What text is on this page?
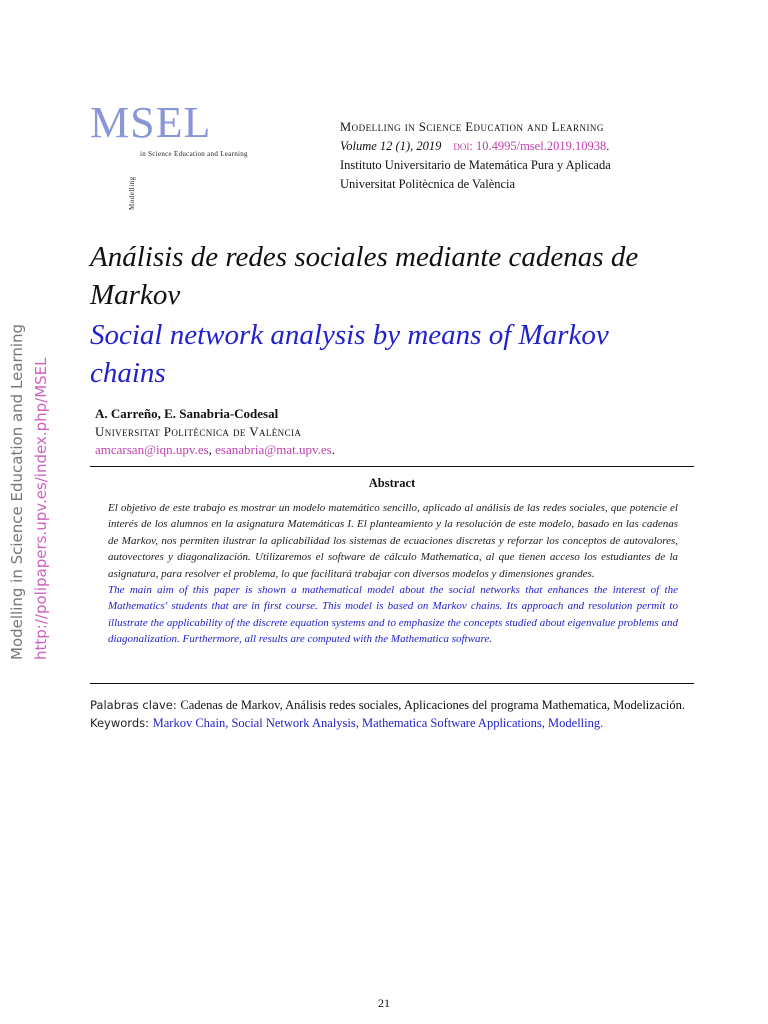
MSEL
Modelling
in Science Education and Learning
Modelling in Science Education and Learning
Volume 12 (1), 2019 doi: 10.4995/msel.2019.10938.
Instituto Universitario de Matemática Pura y Aplicada
Universitat Politècnica de València
Modelling in Science Education and Learning http://polipapers.upv.es/index.php/MSEL
Análisis de redes sociales mediante cadenas de Markov
Social network analysis by means of Markov chains
A. Carreño, E. Sanabria-Codesal
Universitat Politècnica de València
amcarsan@iqn.upv.es, esanabria@mat.upv.es.
Abstract

El objetivo de este trabajo es mostrar un modelo matemático sencillo, aplicado al análisis de las redes sociales, que potencie el interés de los alumnos en la asignatura Matemáticas I. El planteamiento y la resolución de este modelo, basado en las cadenas de Markov, nos permiten ilustrar la aplicabilidad los sistemas de ecuaciones discretas y reforzar los conceptos de autovalores, autovectores y diagonalización. Utilizaremos el software de cálculo Mathematica, al que tienen acceso los estudiantes de la asignatura, para resolver el problema, lo que facilitará trabajar con diversos modelos y dimensiones grandes.

The main aim of this paper is shown a mathematical model about the social networks that enhances the interest of the Mathematics' students that are in first course. This model is based on Markov chains. Its approach and resolution permit to illustrate the applicability of the discrete equation systems and to emphasize the concepts studied about eigenvalue problems and diagonalization. Furthermore, all results are computed with the Mathematica software.

Palabras clave: Cadenas de Markov, Análisis redes sociales, Aplicaciones del programa Mathematica, Modelización.
Keywords: Markov Chain, Social Network Analysis, Mathematica Software Applications, Modelling.
21
